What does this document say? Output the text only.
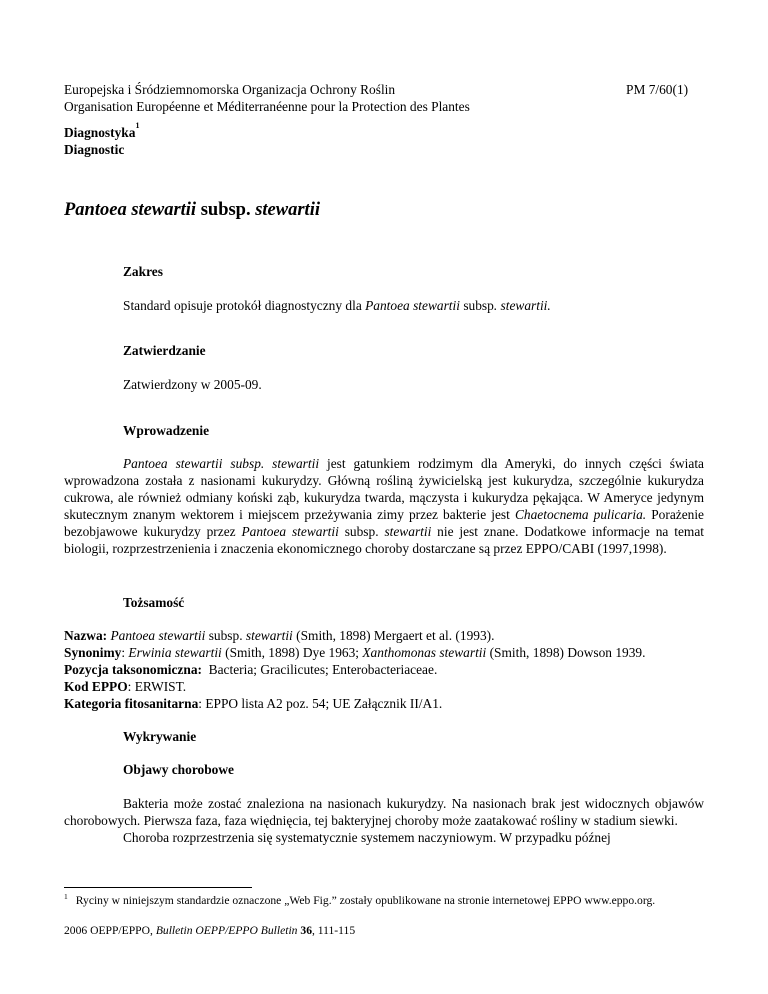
Europejska i Śródziemnomorska Organizacja Ochrony Roślin
Organisation Européenne et Méditerranéenne pour la Protection des Plantes
PM 7/60(1)
Diagnostyka$^1$
Diagnostic
Pantoea stewartii subsp. stewartii
Zakres
Standard opisuje protokół diagnostyczny dla Pantoea stewartii subsp. stewartii.
Zatwierdzanie
Zatwierdzony w 2005-09.
Wprowadzenie

Pantoea stewartii subsp. stewartii jest gatunkiem rodzimym dla Ameryki, do innych części świata wprowadzona została z nasionami kukurydzy. Główną rośliną żywicielską jest kukurydza, szczególnie kukurydza cukrowa, ale również odmiany koński ząb, kukurydza twarda, mączysta i kukurydza pękająca. W Ameryce jedynym skutecznym znanym wektorem i miejscem przeżywania zimy przez bakterie jest Chaetocnema pulicaria. Porażenie bezobjawowe kukurydzy przez Pantoea stewartii subsp. stewartii nie jest znane. Dodatkowe informacje na temat biologii, rozprzestrzenienia i znaczenia ekonomicznego choroby dostarczane są przez EPPO/CABI (1997,1998).

Tożsamość
Nazwa: Pantoea stewartii subsp. stewartii (Smith, 1898) Mergaert et al. (1993).
Synonimy: Erwinia stewartii (Smith, 1898) Dye 1963; Xanthomonas stewartii (Smith, 1898) Dowson 1939.
Pozycja taksonomiczna:  Bacteria; Gracilicutes; Enterobacteriaceae.
Kod EPPO: ERWIST.
Kategoria fitosanitarna: EPPO lista A2 poz. 54; UE Załącznik II/A1.
Wykrywanie
Objawy chorobowe

Bakteria może zostać znaleziona na nasionach kukurydzy. Na nasionach brak jest widocznych objawów chorobowych. Pierwsza faza, faza więdnięcia, tej bakteryjnej choroby może zaatakować rośliny w stadium siewki.

Choroba rozprzestrzenia się systematycznie systemem naczyniowym. W przypadku późnej

$^1$ Ryciny w niniejszym standardzie oznaczone „Web Fig.” zostały opublikowane na stronie internetowej EPPO www.eppo.org.
2006 OEPP/EPPO, Bulletin OEPP/EPPO Bulletin 36, 111-115
